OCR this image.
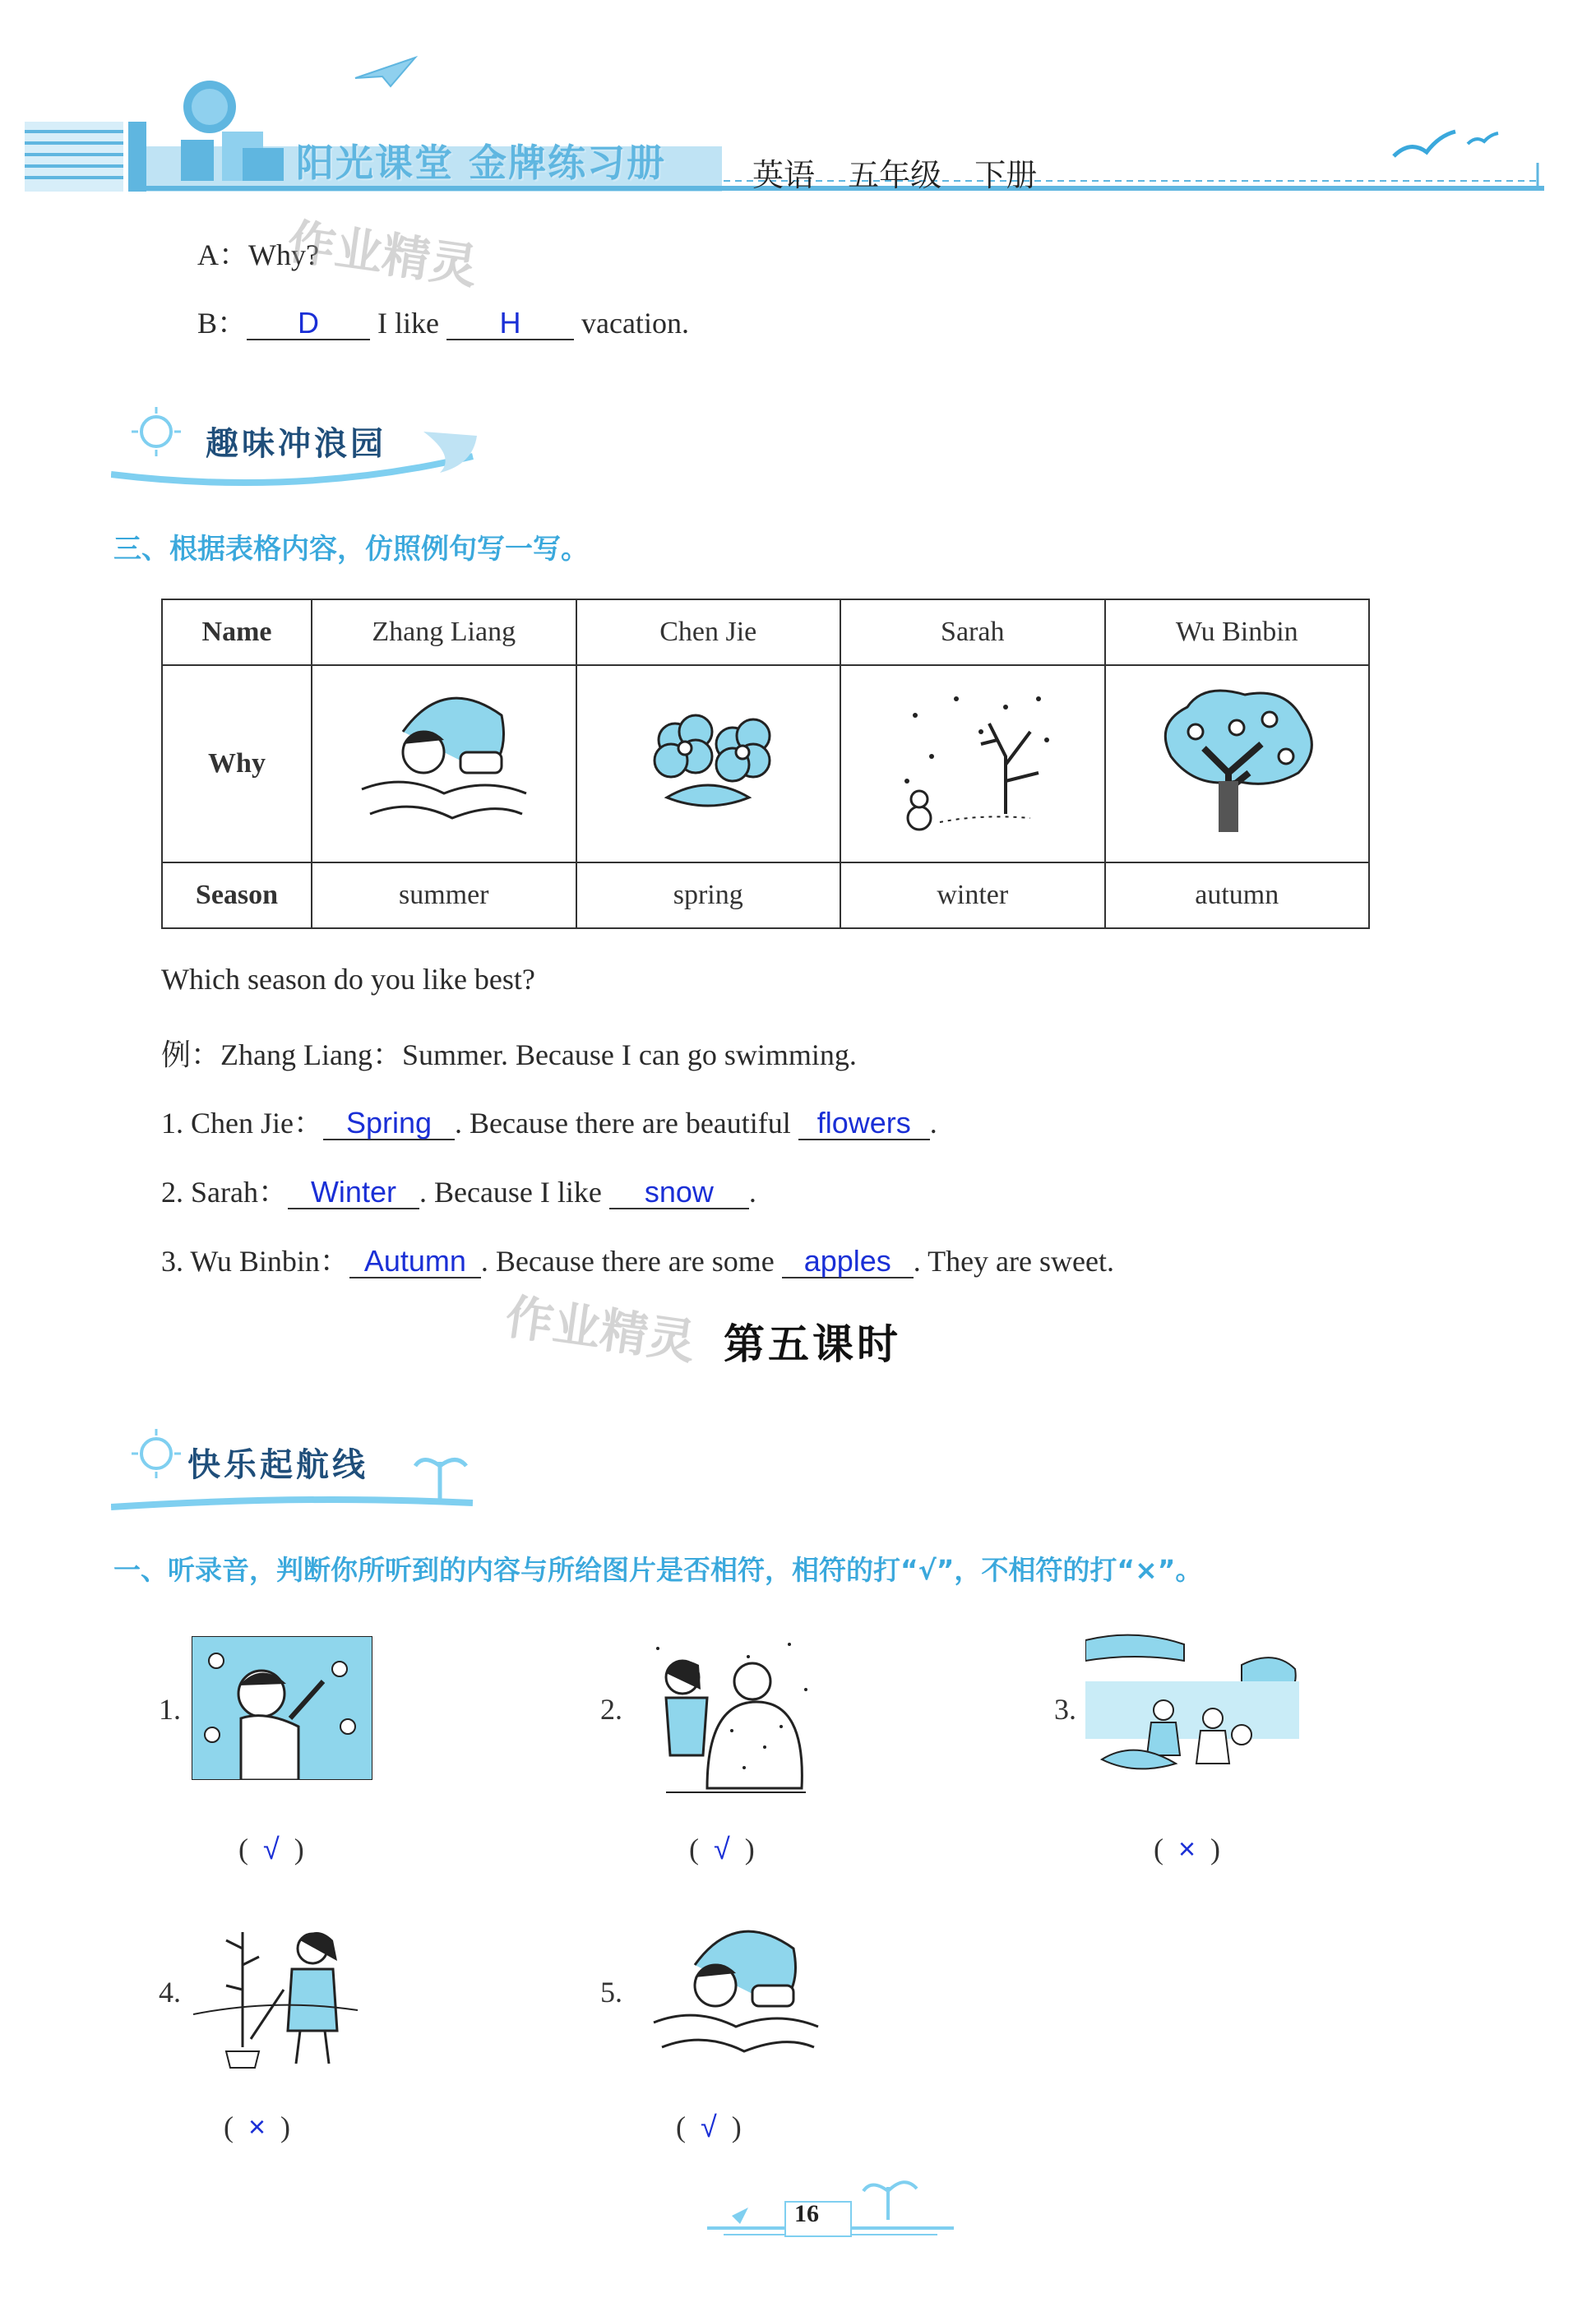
阳光课堂 金牌练习册	英语 五年级 下册
A：Why?
作业精灵
B： D I like H vacation.
趣味冲浪园
三、根据表格内容，仿照例句写一写。
Name	Zhang Liang	Chen Jie	Sarah	Wu Binbin
Why				
Season	summer	spring	winter	autumn
Which season do you like best?
例：Zhang Liang：Summer. Because I can go swimming.
1. Chen Jie： Spring . Because there are beautiful flowers .
2. Sarah： Winter . Because I like snow .
3. Wu Binbin： Autumn . Because there are some apples . They are sweet.
作业精灵 第五课时
快乐起航线
一、听录音，判断你所听到的内容与所给图片是否相符，相符的打“√”，不相符的打“×”。
1.
(  √  )
2.
(  √  )
3.
(  ×  )
4.
(  ×  )
5.
(  √  )
16
